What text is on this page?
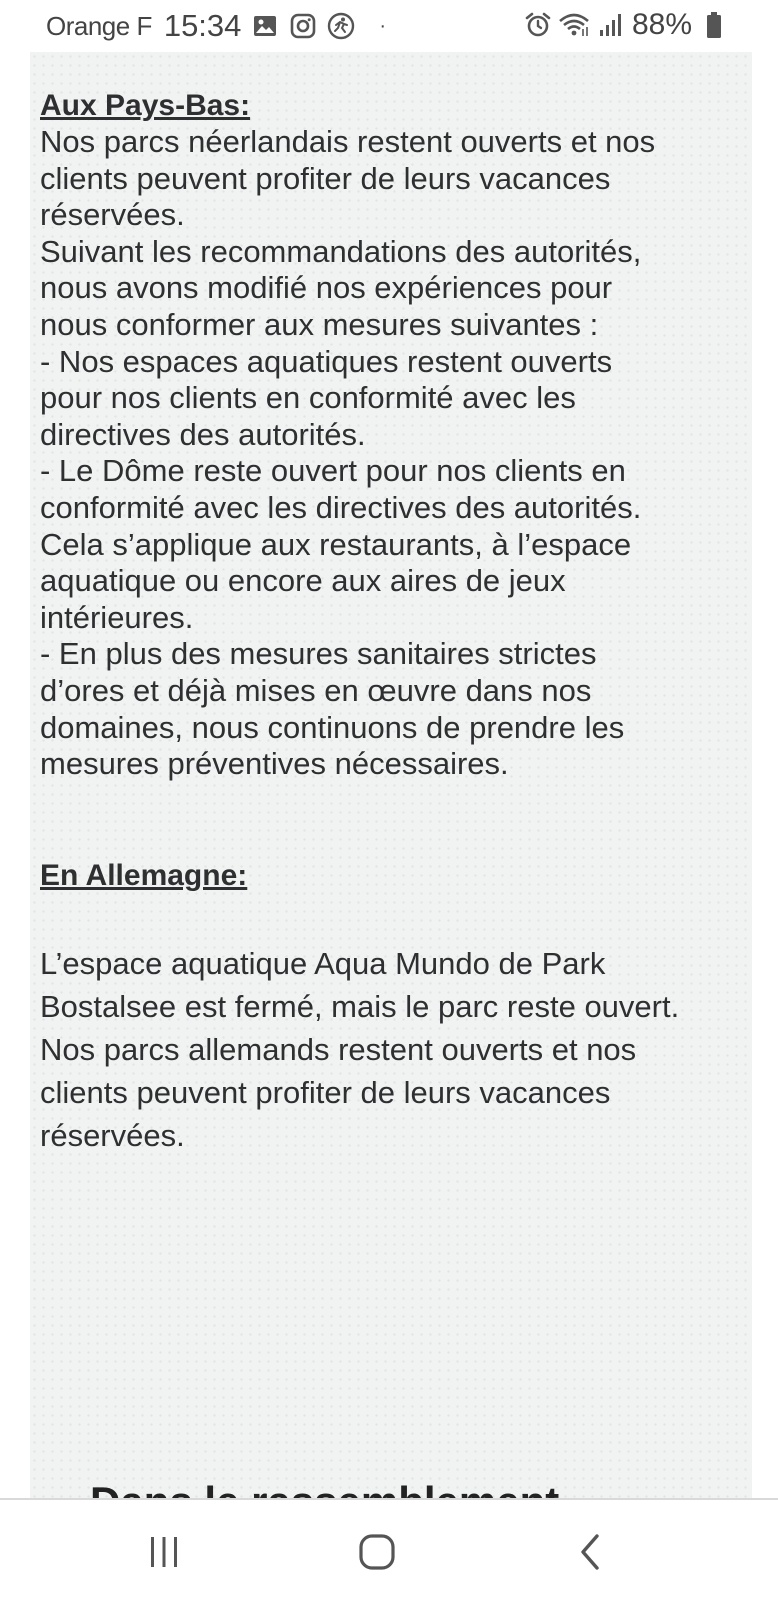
Orange F 15:34	·	88%
Aux Pays-Bas:
Nos parcs néerlandais restent ouverts et nos
clients peuvent profiter de leurs vacances
réservées.
Suivant les recommandations des autorités,
nous avons modifié nos expériences pour
nous conformer aux mesures suivantes :
- Nos espaces aquatiques restent ouverts
pour nos clients en conformité avec les
directives des autorités.
- Le Dôme reste ouvert pour nos clients en
conformité avec les directives des autorités.
Cela s’applique aux restaurants, à l’espace
aquatique ou encore aux aires de jeux
intérieures.
- En plus des mesures sanitaires strictes
d’ores et déjà mises en œuvre dans nos
domaines, nous continuons de prendre les
mesures préventives nécessaires.
En Allemagne:
L’espace aquatique Aqua Mundo de Park Bostalsee est fermé, mais le parc reste ouvert. Nos parcs allemands restent ouverts et nos clients peuvent profiter de leurs vacances réservées.
